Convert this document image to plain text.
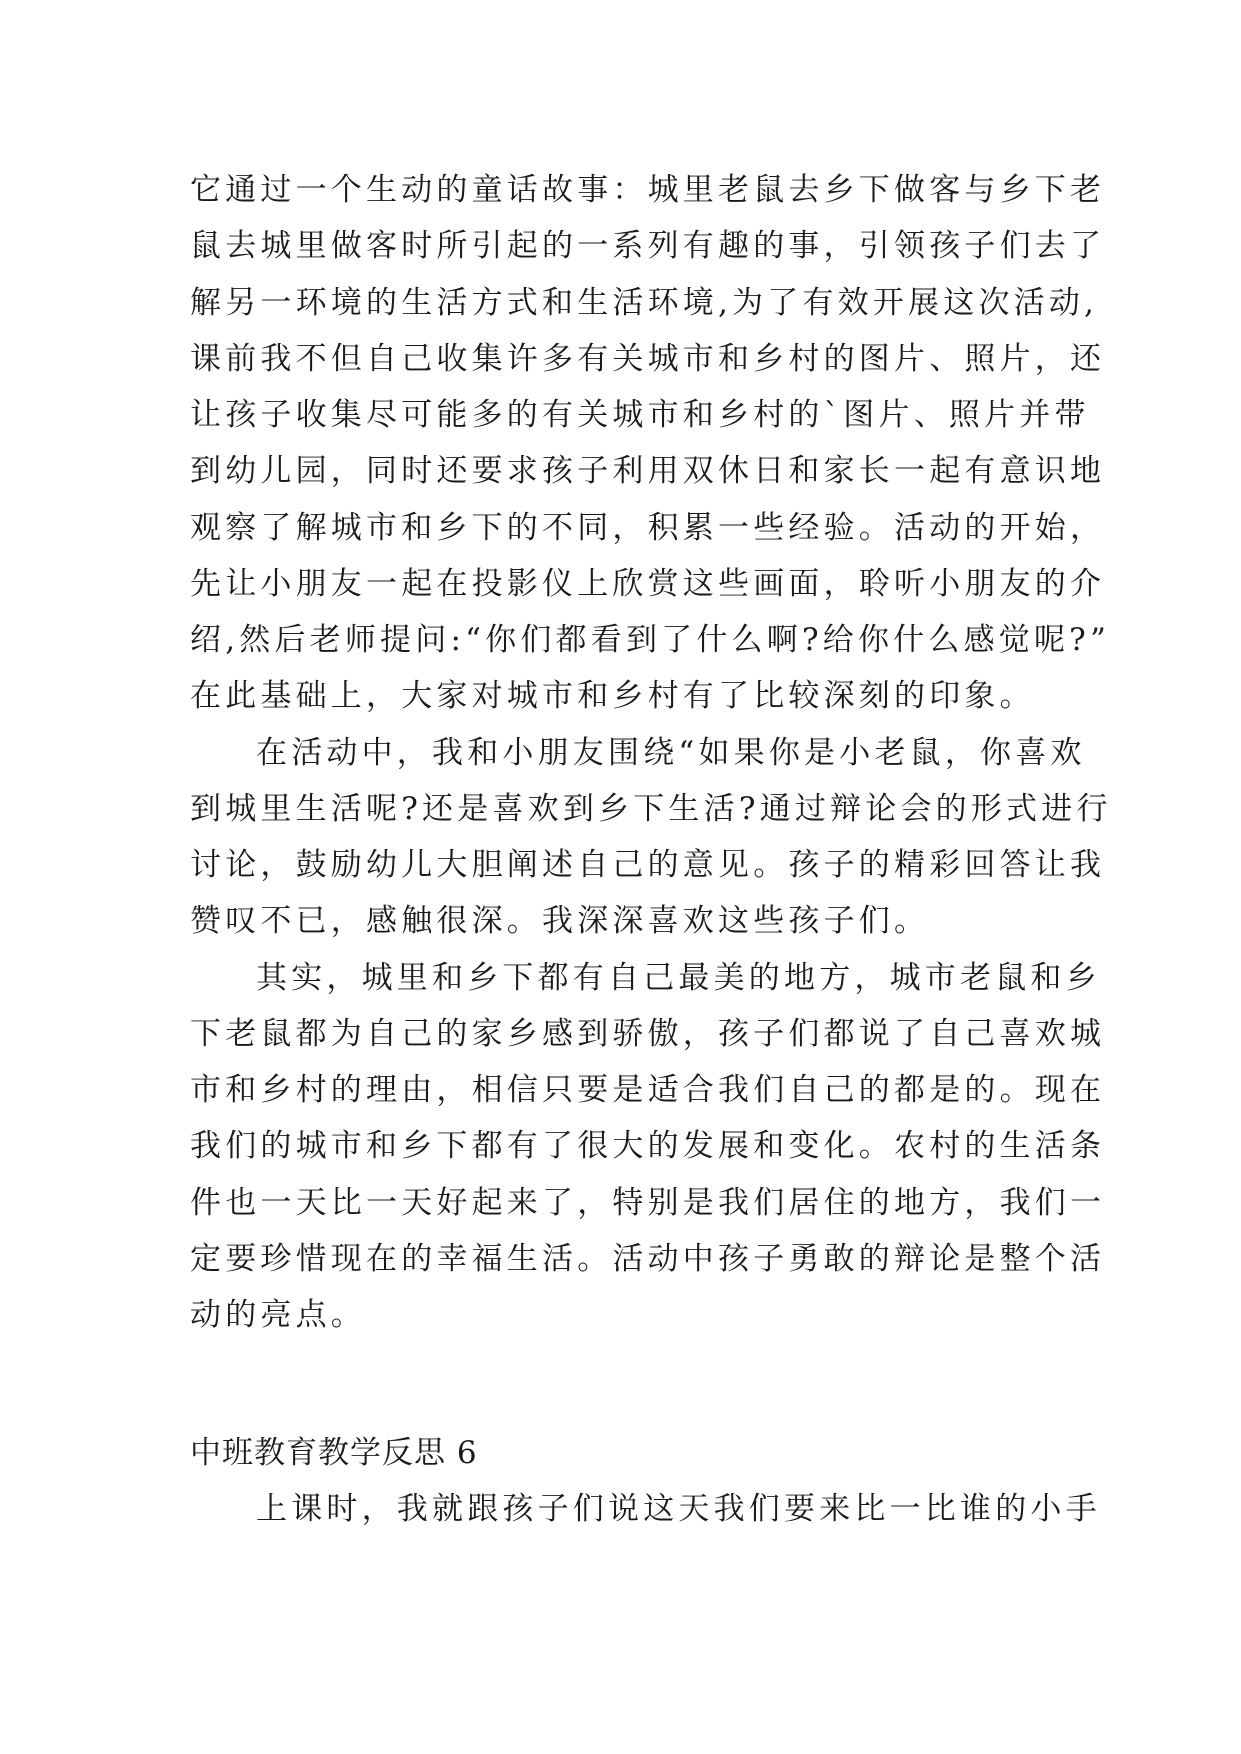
它通过一个生动的童话故事：城里老鼠去乡下做客与乡下老
鼠去城里做客时所引起的一系列有趣的事，引领孩子们去了
解另一环境的生活方式和生活环境,为了有效开展这次活动,
课前我不但自己收集许多有关城市和乡村的图片、照片，还
让孩子收集尽可能多的有关城市和乡村的`图片、照片并带
到幼儿园，同时还要求孩子利用双休日和家长一起有意识地
观察了解城市和乡下的不同，积累一些经验。活动的开始，
先让小朋友一起在投影仪上欣赏这些画面，聆听小朋友的介
绍,然后老师提问:“你们都看到了什么啊?给你什么感觉呢?”
在此基础上，大家对城市和乡村有了比较深刻的印象。
在活动中，我和小朋友围绕“如果你是小老鼠，你喜欢
到城里生活呢?还是喜欢到乡下生活?通过辩论会的形式进行
讨论，鼓励幼儿大胆阐述自己的意见。孩子的精彩回答让我
赞叹不已，感触很深。我深深喜欢这些孩子们。
其实，城里和乡下都有自己最美的地方，城市老鼠和乡
下老鼠都为自己的家乡感到骄傲，孩子们都说了自己喜欢城
市和乡村的理由，相信只要是适合我们自己的都是的。现在
我们的城市和乡下都有了很大的发展和变化。农村的生活条
件也一天比一天好起来了，特别是我们居住的地方，我们一
定要珍惜现在的幸福生活。活动中孩子勇敢的辩论是整个活
动的亮点。
中班教育教学反思 6
上课时，我就跟孩子们说这天我们要来比一比谁的小手
